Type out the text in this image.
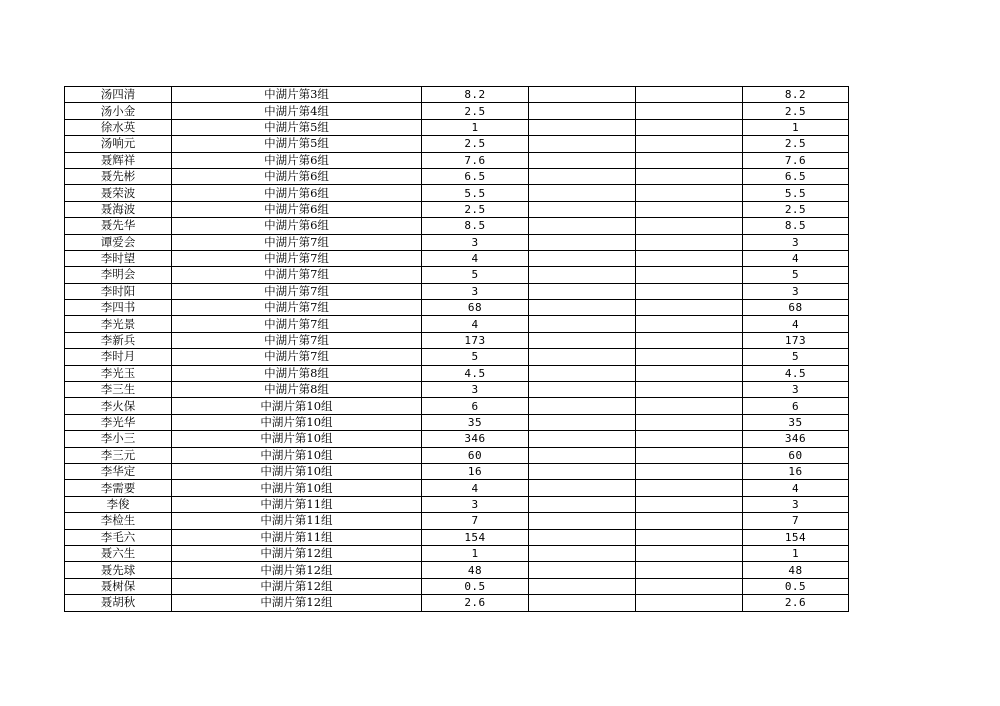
汤四清	中湖片第3组	8.2			8.2
汤小金	中湖片第4组	2.5			2.5
徐水英	中湖片第5组	1			1
汤响元	中湖片第5组	2.5			2.5
聂辉祥	中湖片第6组	7.6			7.6
聂先彬	中湖片第6组	6.5			6.5
聂荣波	中湖片第6组	5.5			5.5
聂海波	中湖片第6组	2.5			2.5
聂先华	中湖片第6组	8.5			8.5
谭爱会	中湖片第7组	3			3
李时望	中湖片第7组	4			4
李明会	中湖片第7组	5			5
李时阳	中湖片第7组	3			3
李四书	中湖片第7组	68			68
李光景	中湖片第7组	4			4
李新兵	中湖片第7组	173			173
李时月	中湖片第7组	5			5
李光玉	中湖片第8组	4.5			4.5
李三生	中湖片第8组	3			3
李火保	中湖片第10组	6			6
李光华	中湖片第10组	35			35
李小三	中湖片第10组	346			346
李三元	中湖片第10组	60			60
李华定	中湖片第10组	16			16
李需要	中湖片第10组	4			4
李俊	中湖片第11组	3			3
李检生	中湖片第11组	7			7
李毛六	中湖片第11组	154			154
聂六生	中湖片第12组	1			1
聂先球	中湖片第12组	48			48
聂树保	中湖片第12组	0.5			0.5
聂胡秋	中湖片第12组	2.6			2.6
